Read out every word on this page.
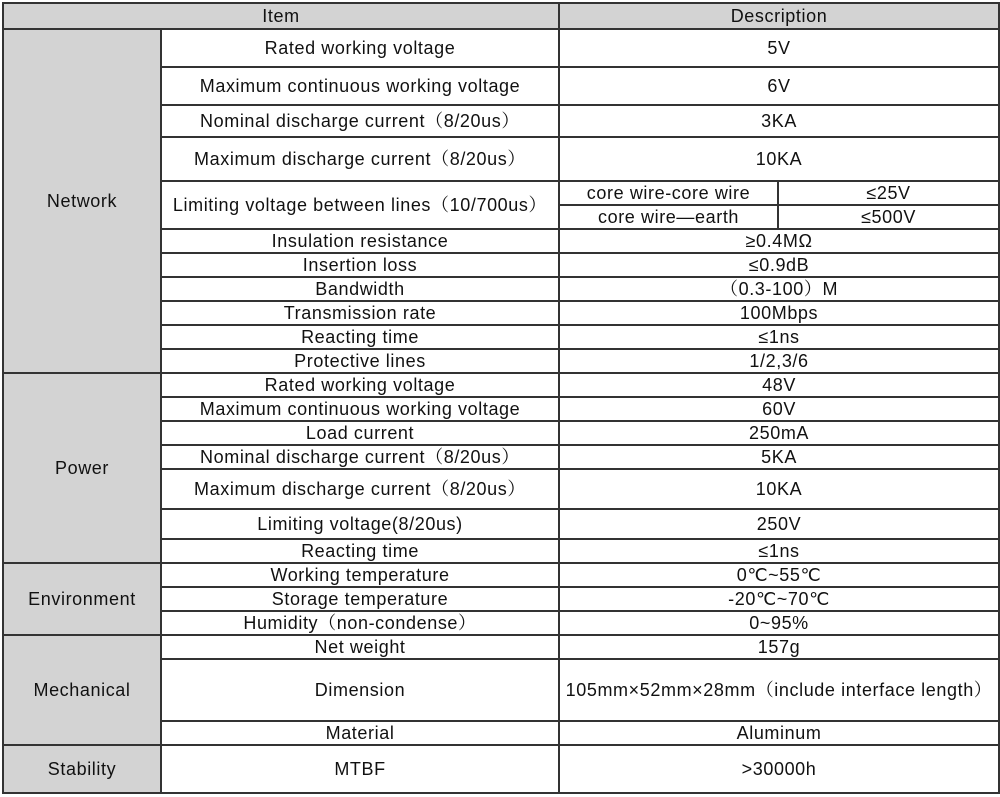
Item		Description	
Network	Rated working voltage	5V	
	Maximum continuous working voltage	6V	
	Nominal discharge current（8/20us）	3KA	
	Maximum discharge current（8/20us）	10KA	
	Limiting voltage between lines（10/700us）	core wire-core wire	≤25V
		core wire—earth	≤500V
	Insulation resistance	≥0.4MΩ	
	Insertion loss	≤0.9dB	
	Bandwidth	（0.3-100）M	
	Transmission rate	100Mbps	
	Reacting time	≤1ns	
	Protective lines	1/2,3/6	
Power	Rated working voltage	48V	
	Maximum continuous working voltage	60V	
	Load current	250mA	
	Nominal discharge current（8/20us）	5KA	
	Maximum discharge current（8/20us）	10KA	
	Limiting voltage(8/20us)	250V	
	Reacting time	≤1ns	
Environment	Working temperature	0℃~55℃	
	Storage temperature	-20℃~70℃	
	Humidity（non-condense）	0~95%	
Mechanical	Net weight	157g	
	Dimension	105mm×52mm×28mm（include interface length）	
	Material	Aluminum	
Stability	MTBF	>30000h	
